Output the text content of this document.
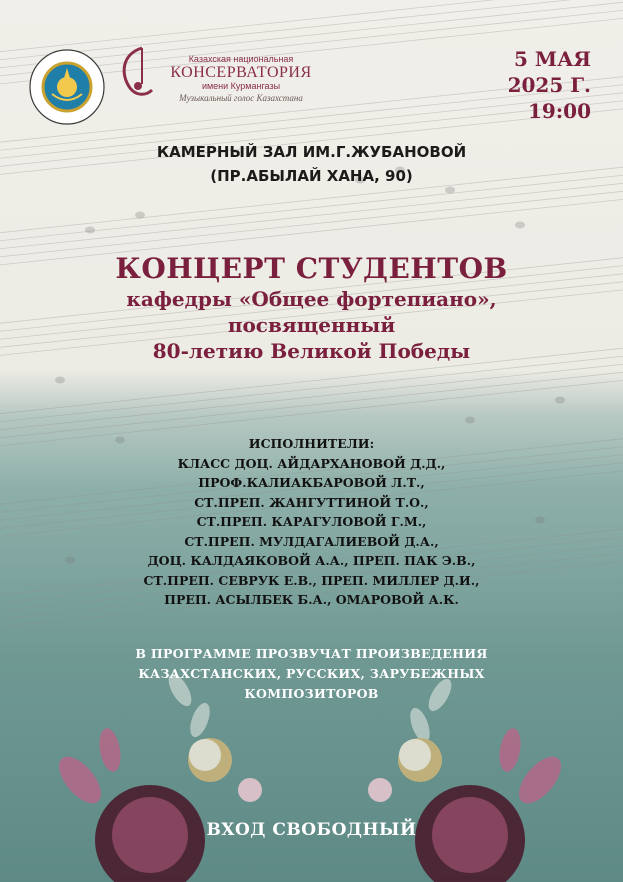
Казахская национальная
КОНСЕРВАТОРИЯ
имени Курмангазы
Музыкальный голос Казахстана
5 МАЯ
2025 Г.
19:00
КАМЕРНЫЙ ЗАЛ ИМ.Г.ЖУБАНОВОЙ
(ПР.АБЫЛАЙ ХАНА, 90)
КОНЦЕРТ СТУДЕНТОВ
кафедры «Общее фортепиано»,
посвященный
80-летию Великой Победы
ИСПОЛНИТЕЛИ:
КЛАСС ДОЦ. АЙДАРХАНОВОЙ Д.Д.,
ПРОФ.КАЛИАКБАРОВОЙ Л.Т.,
СТ.ПРЕП. ЖАНГУТТИНОЙ Т.О.,
СТ.ПРЕП. КАРАГУЛОВОЙ Г.М.,
СТ.ПРЕП. МУЛДАГАЛИЕВОЙ Д.А.,
ДОЦ. КАЛДАЯКОВОЙ А.А., ПРЕП. ПАК Э.В.,
СТ.ПРЕП. СЕВРУК Е.В., ПРЕП. МИЛЛЕР Д.И.,
ПРЕП. АСЫЛБЕК Б.А., ОМАРОВОЙ А.К.
В ПРОГРАММЕ ПРОЗВУЧАТ ПРОИЗВЕДЕНИЯ
КАЗАХСТАНСКИХ, РУССКИХ, ЗАРУБЕЖНЫХ
КОМПОЗИТОРОВ
ВХОД СВОБОДНЫЙ
